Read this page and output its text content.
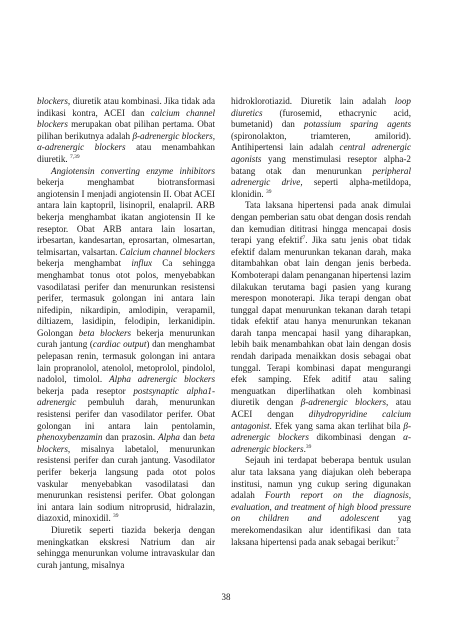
blockers, diuretik atau kombinasi. Jika tidak ada indikasi kontra, ACEI dan calcium channel blockers merupakan obat pilihan pertama. Obat pilihan berikutnya adalah β-adrenergic blockers, α-adrenergic blockers atau menambahkan diuretik. $^{7,39}$

Angiotensin converting enzyme inhibitors bekerja menghambat biotransformasi angiotensin I menjadi angiotensin II. Obat ACEI antara lain kaptopril, lisinopril, enalapril. ARB bekerja menghambat ikatan angiotensin II ke reseptor. Obat ARB antara lain losartan, irbesartan, kandesartan, eprosartan, olmesartan, telmisartan, valsartan. Calcium channel blockers bekerja menghambat influx Ca sehingga menghambat tonus otot polos, menyebabkan vasodilatasi perifer dan menurunkan resistensi perifer, termasuk golongan ini antara lain nifedipin, nikardipin, amlodipin, verapamil, diltiazem, lasidipin, felodipin, lerkanidipin. Golongan beta blockers bekerja menurunkan curah jantung (cardiac output) dan menghambat pelepasan renin, termasuk golongan ini antara lain propranolol, atenolol, metoprolol, pindolol, nadolol, timolol. Alpha adrenergic blockers bekerja pada reseptor postsynaptic alpha1-adrenergic pembuluh darah, menurunkan resistensi perifer dan vasodilator perifer. Obat golongan ini antara lain pentolamin, phenoxybenzamin dan prazosin. Alpha dan beta blockers, misalnya labetalol, menurunkan resistensi perifer dan curah jantung. Vasodilator perifer bekerja langsung pada otot polos vaskular menyebabkan vasodilatasi dan menurunkan resistensi perifer. Obat golongan ini antara lain sodium nitroprusid, hidralazin, diazoxid, minoxidil. $^{39}$

Diuretik seperti tiazida bekerja dengan meningkatkan ekskresi Natrium dan air sehingga menurunkan volume intravaskular dan curah jantung, misalnya

hidroklorotiazid. Diuretik lain adalah loop diuretics (furosemid, ethacrynic acid, bumetanid) dan potassium sparing agents (spironolakton, triamteren, amilorid). Antihipertensi lain adalah central adrenergic agonists yang menstimulasi reseptor alpha-2 batang otak dan menurunkan peripheral adrenergic drive, seperti alpha-metildopa, klonidin. $^{39}$

Tata laksana hipertensi pada anak dimulai dengan pemberian satu obat dengan dosis rendah dan kemudian dititrasi hingga mencapai dosis terapi yang efektif$^7$. Jika satu jenis obat tidak efektif dalam menurunkan tekanan darah, maka ditambahkan obat lain dengan jenis berbeda. Komboterapi dalam penanganan hipertensi lazim dilakukan terutama bagi pasien yang kurang merespon monoterapi. Jika terapi dengan obat tunggal dapat menurunkan tekanan darah tetapi tidak efektif atau hanya menurunkan tekanan darah tanpa mencapai hasil yang diharapkan, lebih baik menambahkan obat lain dengan dosis rendah daripada menaikkan dosis sebagai obat tunggal. Terapi kombinasi dapat mengurangi efek samping. Efek aditif atau saling menguatkan diperlihatkan oleh kombinasi diuretik dengan β-adrenergic blockers, atau ACEI dengan dihydropyridine calcium antagonist. Efek yang sama akan terlihat bila β-adrenergic blockers dikombinasi dengan α-adrenergic blockers.$^{39}$

Sejauh ini terdapat beberapa bentuk usulan alur tata laksana yang diajukan oleh beberapa institusi, namun yng cukup sering digunakan adalah Fourth report on the diagnosis, evaluation, and treatment of high blood pressure on children and adolescent yag merekomendasikan alur identifikasi dan tata laksana hipertensi pada anak sebagai berikut:$^7$

38
